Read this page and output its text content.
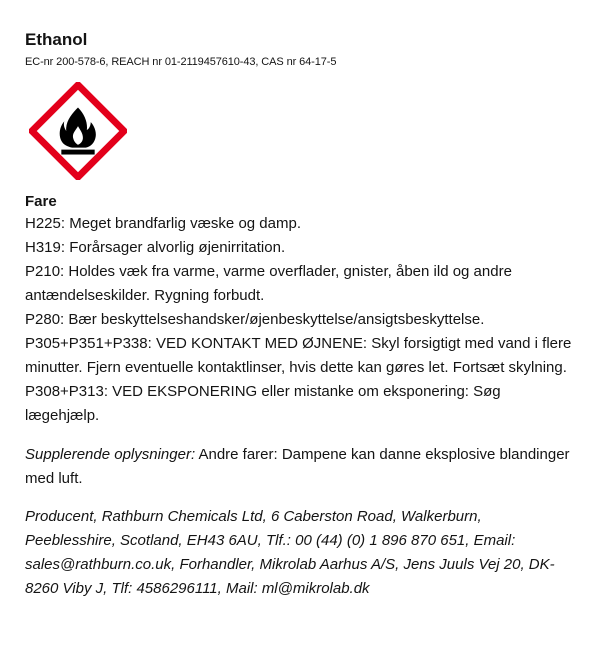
Ethanol
EC-nr 200-578-6, REACH nr 01-2119457610-43, CAS nr 64-17-5
Fare

H225: Meget brandfarlig væske og damp.

H319: Forårsager alvorlig øjenirritation.

P210: Holdes væk fra varme, varme overflader, gnister, åben ild og andre antændelseskilder. Rygning forbudt.

P280: Bær beskyttelseshandsker/øjenbeskyttelse/ansigtsbeskyttelse.

P305+P351+P338: VED KONTAKT MED ØJNENE: Skyl forsigtigt med vand i flere minutter. Fjern eventuelle kontaktlinser, hvis dette kan gøres let. Fortsæt skylning.

P308+P313: VED EKSPONERING eller mistanke om eksponering: Søg lægehjælp.

Supplerende oplysninger: Andre farer: Dampene kan danne eksplosive blandinger med luft.
Producent, Rathburn Chemicals Ltd, 6 Caberston Road, Walkerburn, Peeblesshire, Scotland, EH43 6AU, Tlf.: 00 (44) (0) 1 896 870 651, Email: sales@rathburn.co.uk, Forhandler, Mikrolab Aarhus A/S, Jens Juuls Vej 20, DK-8260 Viby J, Tlf: 4586296111, Mail: ml@mikrolab.dk
